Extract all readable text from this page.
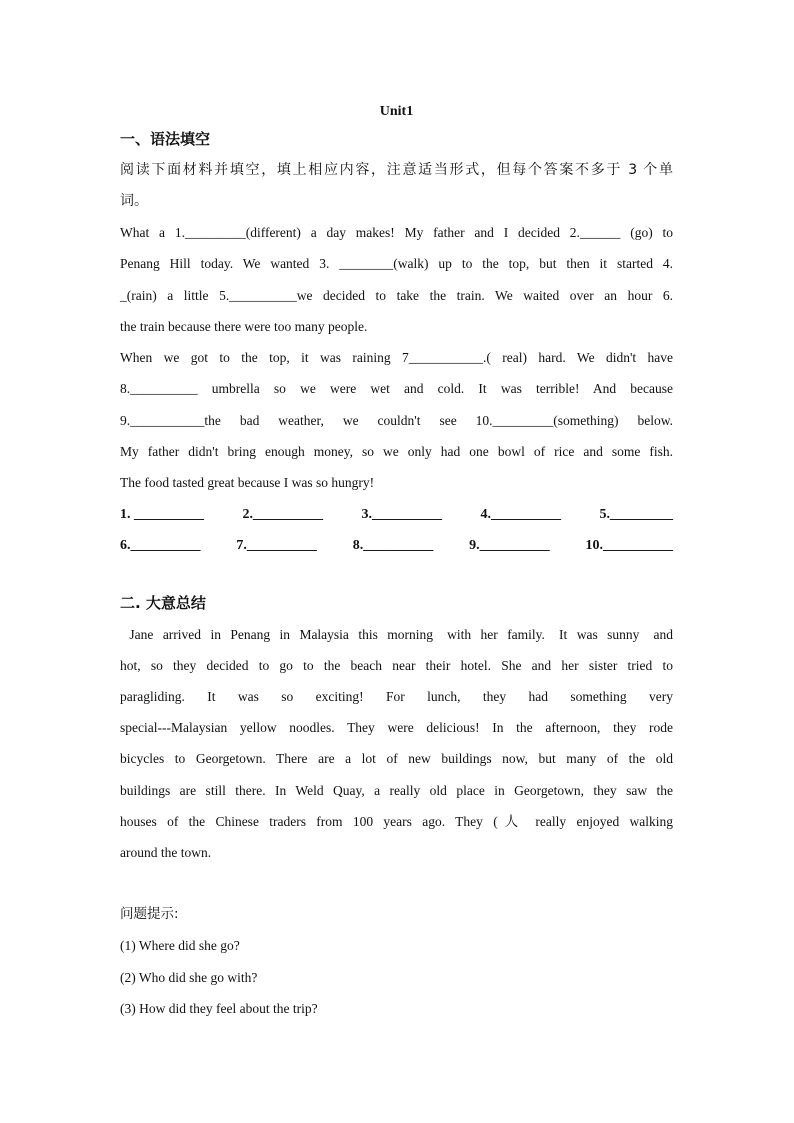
Unit1
一、语法填空
阅读下面材料并填空，填上相应内容，注意适当形式，但每个答案不多于 3 个单
词。
What a 1._________(different) a day makes! My father and I decided 2.______ (go) to
Penang Hill today. We wanted 3. ________(walk) up to the top, but then it started 4.
_(rain) a little 5.__________we decided to take the train. We waited over an hour 6.
the train because there were too many people.
When we got to the top, it was raining 7___________.( real) hard. We didn't have
8.__________ umbrella so we were wet and cold. It was terrible! And because
9.___________the bad weather, we couldn't see 10._________(something) below.
My father didn't bring enough money, so we only had one bowl of rice and some fish.
The food tasted great because I was so hungry!
1. __________	2.__________	3.__________	4.__________	5._________
6.__________	7.__________	8.__________	9.__________	10.__________
二. 大意总结
Jane  arrived  in  Penang  in  Malaysia  this  morning   with  her  family.   It  was  sunny   and
hot, so they decided to go to the beach near their hotel. She and her sister tried to
paragliding. It was so exciting! For lunch, they had something very
special---Malaysian yellow noodles. They were delicious! In the afternoon, they rode
bicycles to Georgetown. There are a lot of new buildings now, but many of the old
buildings are still there. In Weld Quay, a really old place in Georgetown, they saw the
houses of the Chinese traders from 100 years ago. They (人 really enjoyed walking
around the town.
问题提示:
(1) Where did she go?
(2) Who did she go with?
(3) How did they feel about the trip?
